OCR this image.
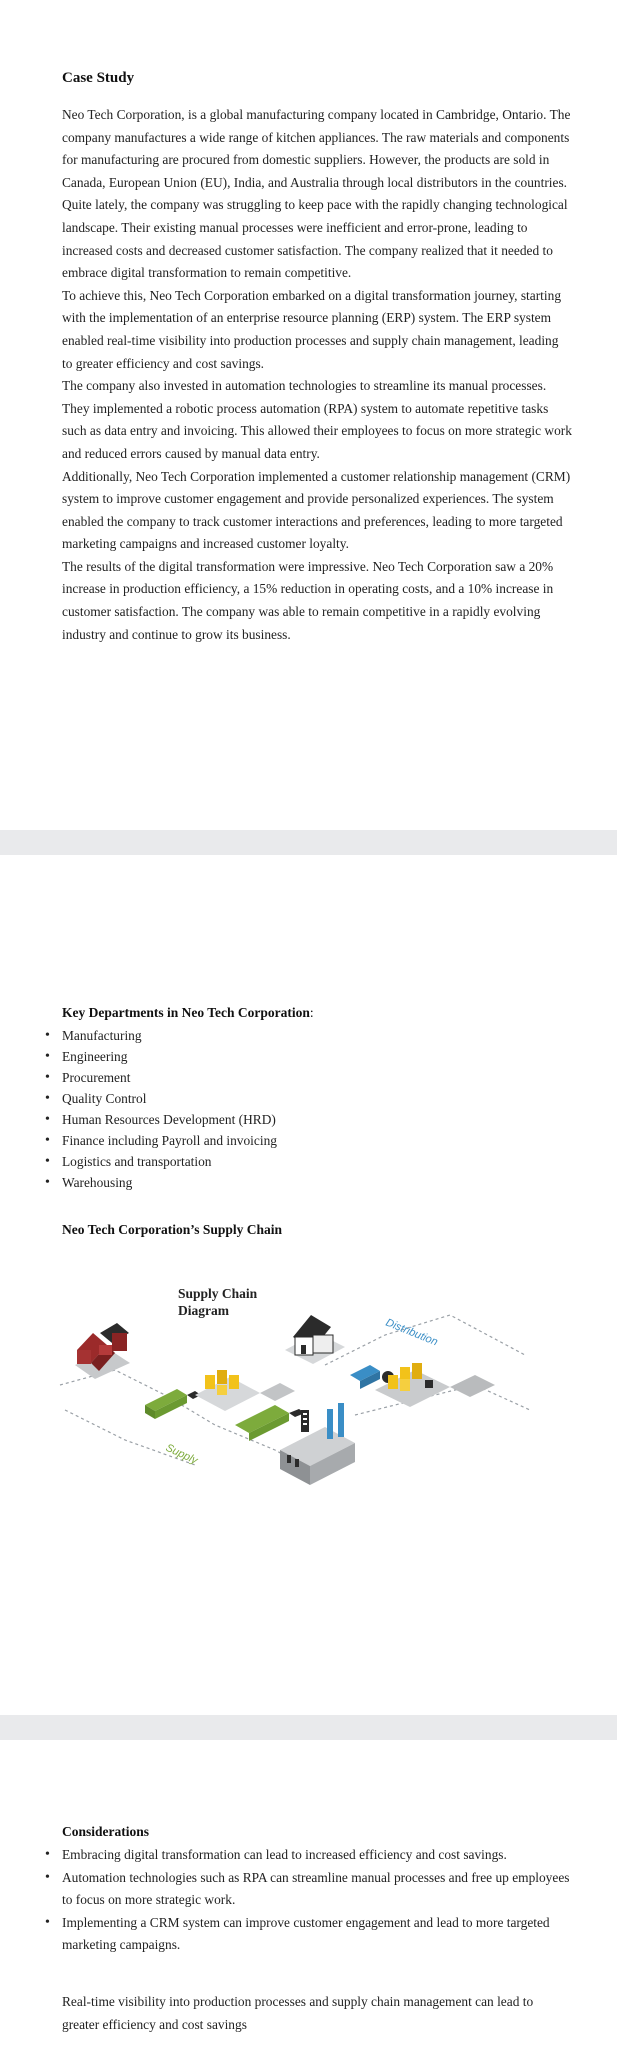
Case Study

Neo Tech Corporation, is a global manufacturing company located in Cambridge, Ontario. The company manufactures a wide range of kitchen appliances. The raw materials and components for manufacturing are procured from domestic suppliers. However, the products are sold in Canada, European Union (EU), India, and Australia through local distributors in the countries. Quite lately, the company was struggling to keep pace with the rapidly changing technological landscape. Their existing manual processes were inefficient and error-prone, leading to increased costs and decreased customer satisfaction. The company realized that it needed to embrace digital transformation to remain competitive.

To achieve this, Neo Tech Corporation embarked on a digital transformation journey, starting with the implementation of an enterprise resource planning (ERP) system. The ERP system enabled real-time visibility into production processes and supply chain management, leading to greater efficiency and cost savings.

The company also invested in automation technologies to streamline its manual processes. They implemented a robotic process automation (RPA) system to automate repetitive tasks such as data entry and invoicing. This allowed their employees to focus on more strategic work and reduced errors caused by manual data entry.

Additionally, Neo Tech Corporation implemented a customer relationship management (CRM) system to improve customer engagement and provide personalized experiences. The system enabled the company to track customer interactions and preferences, leading to more targeted marketing campaigns and increased customer loyalty.

The results of the digital transformation were impressive. Neo Tech Corporation saw a 20% increase in production efficiency, a 15% reduction in operating costs, and a 10% increase in customer satisfaction. The company was able to remain competitive in a rapidly evolving industry and continue to grow its business.

Key Departments in Neo Tech Corporation:
• Manufacturing
• Engineering
• Procurement
• Quality Control
• Human Resources Development (HRD)
• Finance including Payroll and invoicing
• Logistics and transportation
• Warehousing
Neo Tech Corporation’s Supply Chain
Supply Chain
Diagram
Supply
Distribution
Considerations
• Embracing digital transformation can lead to increased efficiency and cost savings.
• Automation technologies such as RPA can streamline manual processes and free up employees to focus on more strategic work.
• Implementing a CRM system can improve customer engagement and lead to more targeted marketing campaigns.
Real-time visibility into production processes and supply chain management can lead to greater efficiency and cost savings
